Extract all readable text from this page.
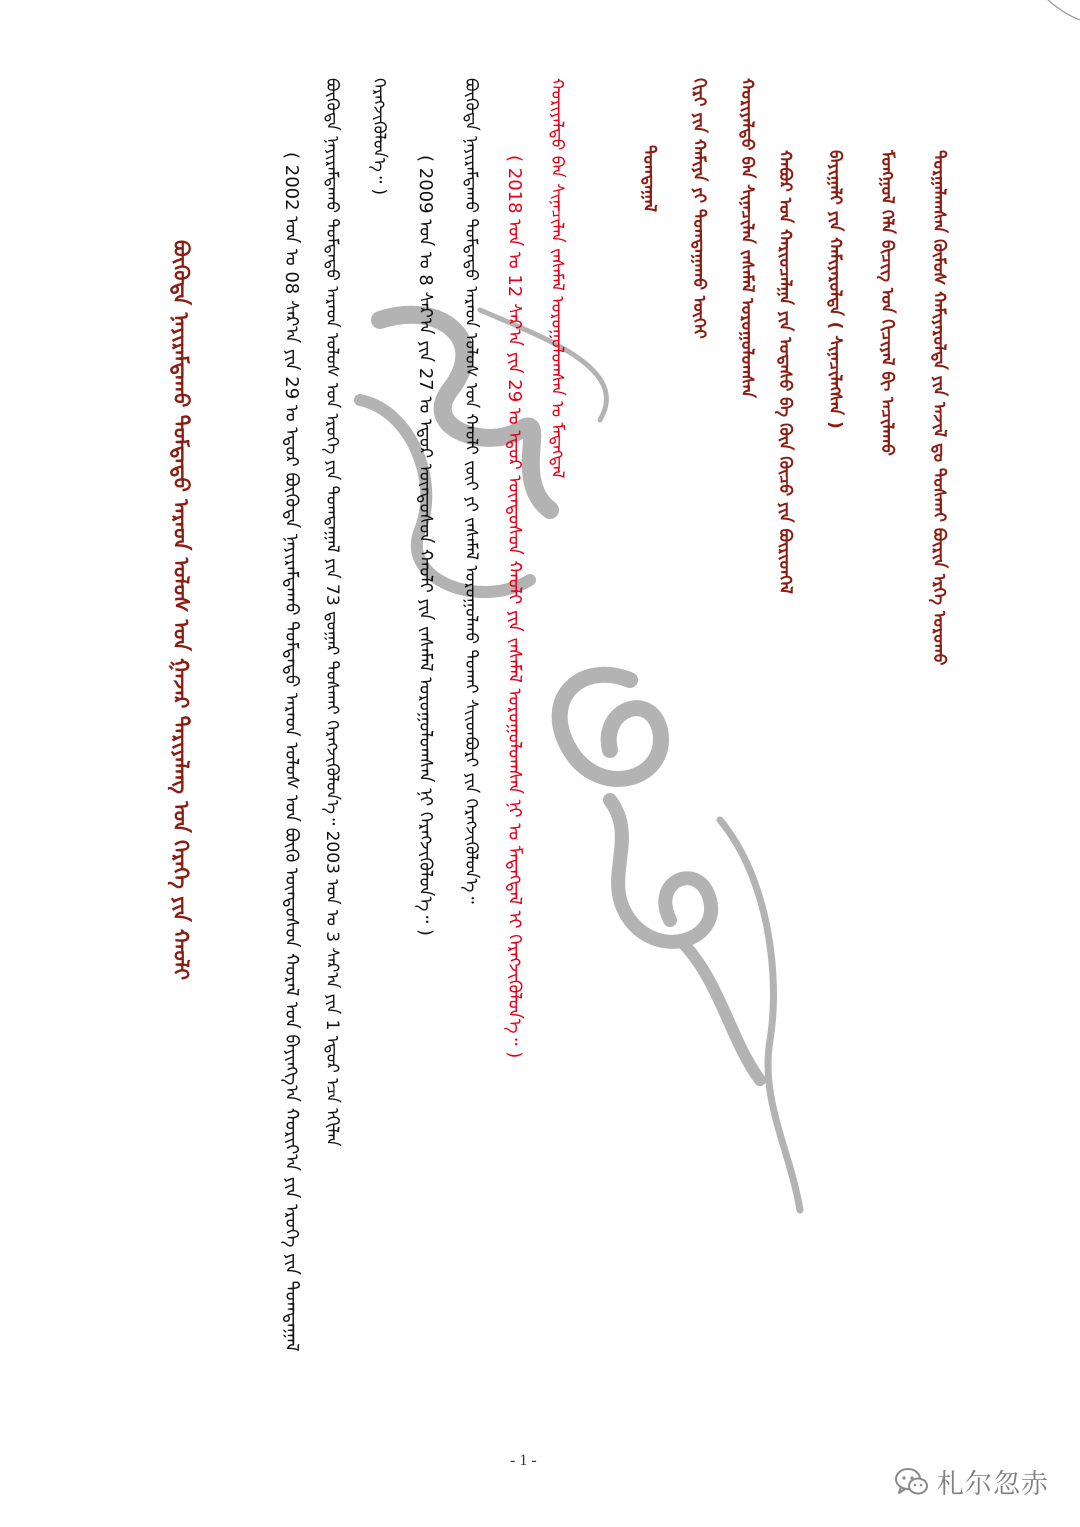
ᠲᠤᠷᠭᠠᠯᠠᠭᠰᠠᠨ ᠬᠦᠮᠦᠰ ᠬᠠᠮᠢᠶᠠᠷᠤᠯᠲᠠ ᠶᠢᠨ ᠠᠵᠢᠯ ᠳᠤ ᠲᠤᠰᠬᠠᠢ ᠪᠦᠷᠢᠨ ᠡᠷᠬᠡ ᠤᠷᠤᠬᠤ
ᠮᠣᠩᠭᠣᠯ ᠬᠡᠯᠡ ᠪᠢᠴᠢᠭ ᠤᠨ ᠬᠢᠴᠢᠶᠡᠯ ᠪᠢ ᠠᠴᠢᠯᠠᠬᠤ
ᠪᠠᠶᠢᠭᠠᠯᠢ ᠶᠢᠨ ᠬᠠᠮᠢᠶᠠᠷᠤᠯᠲᠠ ( ᠰᠢᠨᠡᠴᠢᠯᠡᠭᠰᠡᠨ )
ᠬᠠᠪᠤᠷ ᠤᠨ ᠬᠠᠷᠢᠤᠴᠠᠯᠭᠠ ᠶᠢᠨ ᠤᠲᠠᠰᠤ ᠪᠠ ᠬᠦᠨ ᠬᠦᠴᠦ ᠶᠢᠨ ᠪᠦᠷᠢᠳᠭᠡᠯ
ᠬᠤᠷᠢᠶᠠᠯᠲᠤ ᠪᠠᠨ ᠰᠢᠨᠡᠴᠢᠯᠡᠨ ᠵᠠᠰᠠᠮᠠᠯ ᠤᠷᠤᠭᠤᠯᠤᠭᠰᠠᠨ
ᠬᠢᠷᠢ ᠶᠢᠨ ᠬᠠᠮᠢᠶᠠ ᠶᠢ ᠲᠣᠭᠲᠠᠭᠠᠬᠤ ᠦᠭᠡᠢ
ᠲᠣᠭᠲᠠᠭᠠᠯ
ᠬᠤᠷᠢᠶᠠᠯᠲᠤ ᠪᠠᠨ ᠰᠢᠨᠡᠴᠢᠯᠡᠨ ᠵᠠᠰᠠᠮᠠᠯ ᠤᠷᠤᠭᠤᠯᠤᠭᠰᠠᠨ ᠤ ᠮᠡᠳᠡᠭᠳᠡᠯ
( 2018 ᠣᠨ ᠤ 12 ᠰᠠᠷ᠎ᠠ ᠶᠢᠨ 29 ᠤ ᠡᠳᠦᠷ ᠦᠨᠳᠦᠰᠦᠨ ᠬᠠᠤᠯᠢ ᠶᠢᠨ ᠵᠠᠰᠠᠮᠠᠯ ᠤᠷᠤᠭᠤᠯᠤᠭᠰᠠᠨ ᠨᠢ ᠤ ᠮᠡᠳᠡᠭᠳᠡᠯ ᠢ ᠬᠡᠷᠡᠭᠵᠢᠭᠦᠯᠦᠨ᠎ᠡ᠃ )
ᠪᠦᠭᠦᠳᠡ ᠨᠠᠶᠢᠷᠠᠮᠳᠠᠬᠤ ᠳᠤᠮᠳᠠᠳᠤ ᠠᠷᠠᠳ ᠤᠯᠤᠰ ᠤᠨ ᠬᠠᠤᠯᠢ ᠵᠦᠢ ᠶᠢ ᠵᠠᠰᠠᠮᠠᠯ ᠤᠷᠤᠭᠤᠯᠬᠤ ᠲᠤᠬᠠᠢ ᠰᠢᠢᠳᠪᠦᠷᠢ ᠶᠢᠨ ᠬᠡᠷᠡᠭᠵᠢᠭᠦᠯᠦᠨ᠎ᠡ᠃
( 2009 ᠣᠨ ᠤ 8 ᠰᠠᠷ᠎ᠠ ᠶᠢᠨ 27 ᠤ ᠡᠳᠦᠷ ᠦᠨᠳᠦᠰᠦᠨ ᠬᠠᠤᠯᠢ ᠶᠢᠨ ᠵᠠᠰᠠᠮᠠᠯ ᠤᠷᠤᠭᠤᠯᠤᠭᠰᠠᠨ ᠨᠢ ᠬᠡᠷᠡᠭᠵᠢᠭᠦᠯᠦᠨ᠎ᠡ᠃ )
ᠬᠡᠷᠡᠭᠵᠢᠭᠦᠯᠦᠨ᠎ᠡ᠃ )
ᠪᠦᠭᠦᠳᠡ ᠨᠠᠶᠢᠷᠠᠮᠳᠠᠬᠤ ᠳᠤᠮᠳᠠᠳᠤ ᠠᠷᠠᠳ ᠤᠯᠤᠰ ᠤᠨ ᠡᠷᠦᠬᠡ ᠶᠢᠨ ᠲᠣᠭᠲᠠᠭᠠᠯ ᠶᠢᠨ 73 ᠳ᠋ᠤᠭᠠᠷ ᠲᠤᠰᠬᠠᠢ ᠬᠡᠷᠡᠭᠵᠢᠭᠦᠯᠦᠨ᠎ᠡ᠃ 2003 ᠣᠨ ᠤ 3 ᠰᠠᠷ᠎ᠠ ᠶᠢᠨ 1 ᠡᠳᠦᠷ ᠡᠴᠡ ᠡᠬᠢᠯᠡᠨ
( 2002 ᠣᠨ ᠤ 08 ᠰᠠᠷ᠎ᠠ ᠶᠢᠨ 29 ᠤ ᠡᠳᠦᠷ ᠪᠦᠭᠦᠳᠡ ᠨᠠᠶᠢᠷᠠᠮᠳᠠᠬᠤ ᠳᠤᠮᠳᠠᠳᠤ ᠠᠷᠠᠳ ᠤᠯᠤᠰ ᠤᠨ ᠪᠦᠬᠦ ᠦᠨᠳᠦᠰᠦᠨ ᠬᠤᠷᠠᠯ ᠤᠨ ᠪᠠᠶᠢᠩᠭ᠎ᠠ ᠬᠣᠷᠢᠶ᠎ᠠ ᠶᠢᠨ ᠡᠷᠦᠬᠡ ᠶᠢᠨ ᠲᠣᠭᠲᠠᠭᠠᠯ
ᠪᠦᠭᠦᠳᠡ ᠨᠠᠶᠢᠷᠠᠮᠳᠠᠬᠤ ᠳᠤᠮᠳᠠᠳᠤ ᠠᠷᠠᠳ ᠤᠯᠤᠰ ᠤᠨ ᠭᠠᠵᠠᠷ ᠲᠠᠷᠢᠶᠠᠯᠠᠩ ᠤᠨ ᠭᠡᠷᠡᠭᠡ ᠶᠢᠨ ᠬᠠᠤᠯᠢ
- 1 -
札尔忽赤
